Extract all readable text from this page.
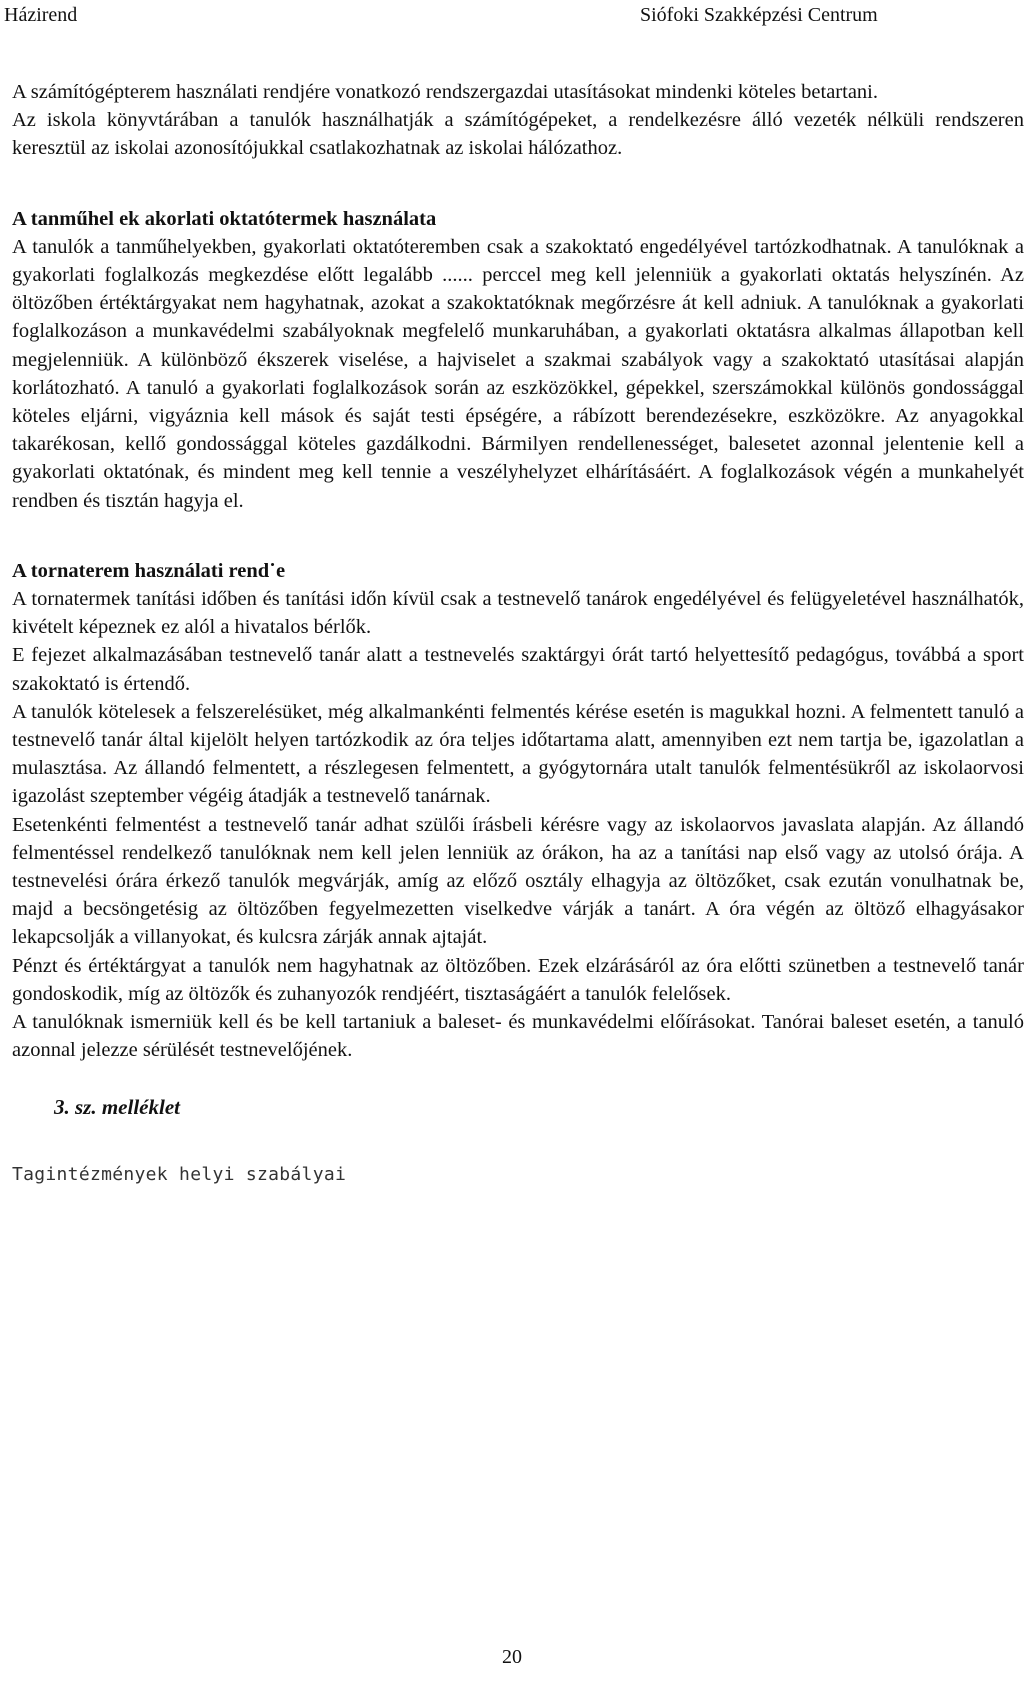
Házirend	Siófoki Szakképzési Centrum

A számítógépterem használati rendjére vonatkozó rendszergazdai utasításokat mindenki köteles betartani.

Az iskola könyvtárában a tanulók használhatják a számítógépeket, a rendelkezésre álló vezeték nélküli rendszeren keresztül az iskolai azonosítójukkal csatlakozhatnak az iskolai hálózathoz.

A tanműhel ek akorlati oktatótermek használata

A tanulók a tanműhelyekben, gyakorlati oktatóteremben csak a szakoktató engedélyével tartózkodhatnak. A tanulóknak a gyakorlati foglalkozás megkezdése előtt legalább ...... perccel meg kell jelenniük a gyakorlati oktatás helyszínén. Az öltözőben értéktárgyakat nem hagyhatnak, azokat a szakoktatóknak megőrzésre át kell adniuk. A tanulóknak a gyakorlati foglalkozáson a munkavédelmi szabályoknak megfelelő munkaruhában, a gyakorlati oktatásra alkalmas állapotban kell megjelenniük. A különböző ékszerek viselése, a hajviselet a szakmai szabályok vagy a szakoktató utasításai alapján korlátozható. A tanuló a gyakorlati foglalkozások során az eszközökkel, gépekkel, szerszámokkal különös gondossággal köteles eljárni, vigyáznia kell mások és saját testi épségére, a rábízott berendezésekre, eszközökre. Az anyagokkal takarékosan, kellő gondossággal köteles gazdálkodni. Bármilyen rendellenességet, balesetet azonnal jelentenie kell a gyakorlati oktatónak, és mindent meg kell tennie a veszélyhelyzet elhárításáért. A foglalkozások végén a munkahelyét rendben és tisztán hagyja el.

A tornaterem használati rend˙e

A tornatermek tanítási időben és tanítási időn kívül csak a testnevelő tanárok engedélyével és felügyeletével használhatók, kivételt képeznek ez alól a hivatalos bérlők.

E fejezet alkalmazásában testnevelő tanár alatt a testnevelés szaktárgyi órát tartó helyettesítő pedagógus, továbbá a sport szakoktató is értendő.

A tanulók kötelesek a felszerelésüket, még alkalmankénti felmentés kérése esetén is magukkal hozni. A felmentett tanuló a testnevelő tanár által kijelölt helyen tartózkodik az óra teljes időtartama alatt, amennyiben ezt nem tartja be, igazolatlan a mulasztása. Az állandó felmentett, a részlegesen felmentett, a gyógytornára utalt tanulók felmentésükről az iskolaorvosi igazolást szeptember végéig átadják a testnevelő tanárnak.

Esetenkénti felmentést a testnevelő tanár adhat szülői írásbeli kérésre vagy az iskolaorvos javaslata alapján. Az állandó felmentéssel rendelkező tanulóknak nem kell jelen lenniük az órákon, ha az a tanítási nap első vagy az utolsó órája. A testnevelési órára érkező tanulók megvárják, amíg az előző osztály elhagyja az öltözőket, csak ezután vonulhatnak be, majd a becsöngetésig az öltözőben fegyelmezetten viselkedve várják a tanárt. A óra végén az öltöző elhagyásakor lekapcsolják a villanyokat, és kulcsra zárják annak ajtaját.

Pénzt és értéktárgyat a tanulók nem hagyhatnak az öltözőben. Ezek elzárásáról az óra előtti szünetben a testnevelő tanár gondoskodik, míg az öltözők és zuhanyozók rendjéért, tisztaságáért a tanulók felelősek.

A tanulóknak ismerniük kell és be kell tartaniuk a baleset- és munkavédelmi előírásokat. Tanórai baleset esetén, a tanuló azonnal jelezze sérülését testnevelőjének.

3. sz. melléklet

Tagintézmények helyi szabályai

20
